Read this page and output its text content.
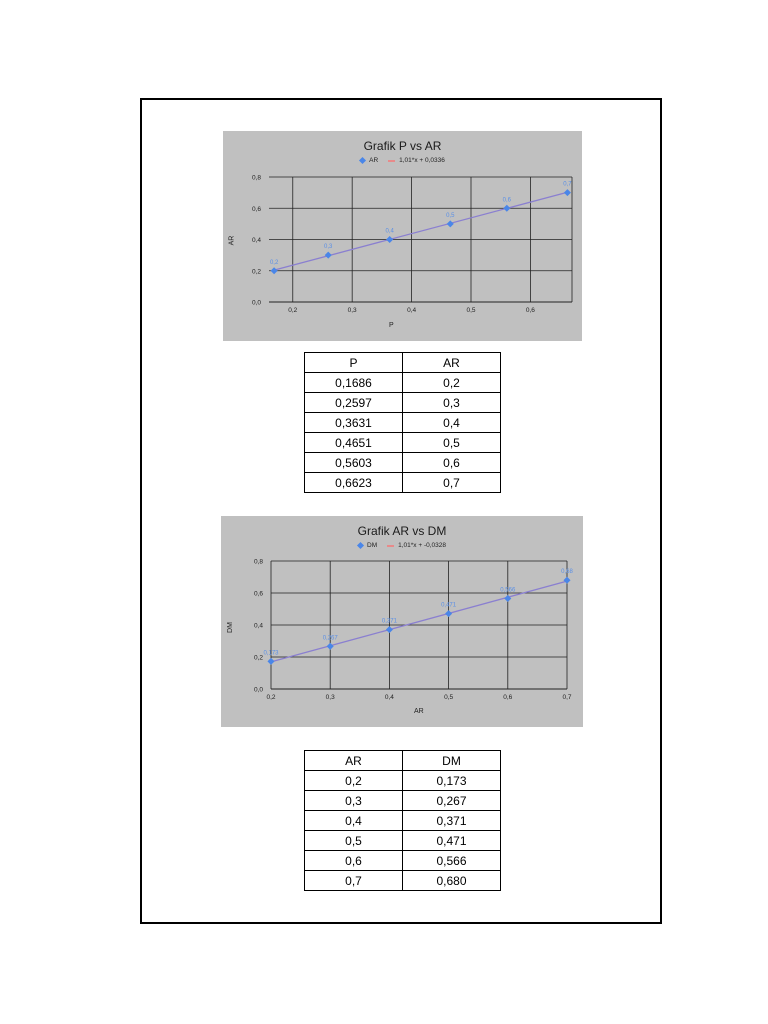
Grafik P vs AR
AR	1,01*x + 0,0336
AR
P
0,0
0,2
0,4
0,6
0,8
0,2	0,3	0,4	0,5	0,6
0,2
0,3
0,4
0,5
0,6
0,7
P	AR
0,1686	0,2
0,2597	0,3
0,3631	0,4
0,4651	0,5
0,5603	0,6
0,6623	0,7
Grafik AR vs DM
DM	1,01*x + -0,0328
DM
AR
0,0
0,2
0,4
0,6
0,8
0,2	0,3	0,4	0,5	0,6	0,7
0,173
0,267
0,371
0,471
0,566
0,68
AR	DM
0,2	0,173
0,3	0,267
0,4	0,371
0,5	0,471
0,6	0,566
0,7	0,680
